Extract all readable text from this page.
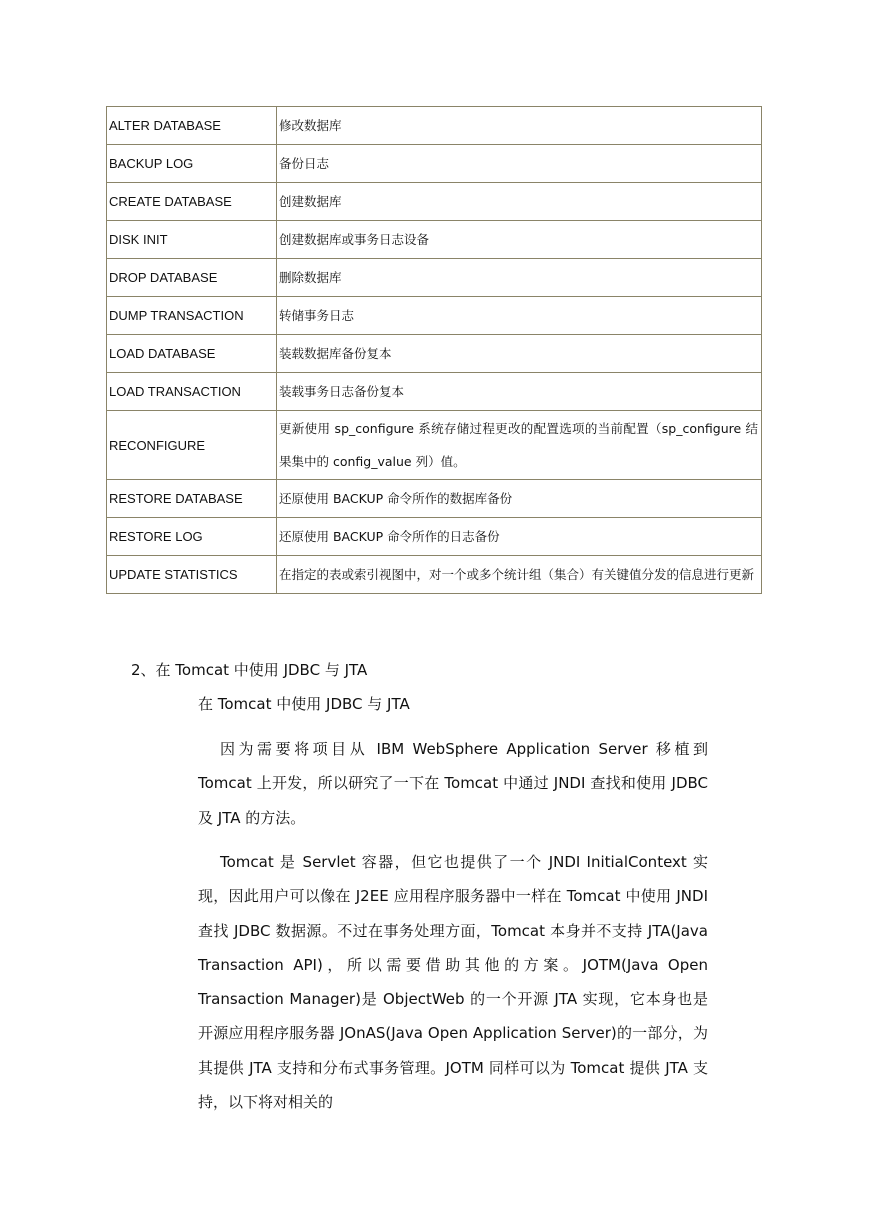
ALTER DATABASE	修改数据库
BACKUP LOG	备份日志
CREATE DATABASE	创建数据库
DISK INIT	创建数据库或事务日志设备
DROP DATABASE	删除数据库
DUMP TRANSACTION	转储事务日志
LOAD DATABASE	装载数据库备份复本
LOAD TRANSACTION	装载事务日志备份复本
RECONFIGURE	更新使用 sp_configure 系统存储过程更改的配置选项的当前配置（sp_configure 结果集中的 config_value 列）值。
RESTORE DATABASE	还原使用 BACKUP 命令所作的数据库备份
RESTORE LOG	还原使用 BACKUP 命令所作的日志备份
UPDATE STATISTICS	在指定的表或索引视图中，对一个或多个统计组（集合）有关键值分发的信息进行更新
2、在 Tomcat 中使用 JDBC 与 JTA
在 Tomcat 中使用 JDBC 与 JTA

因为需要将项目从 IBM WebSphere Application Server 移植到 Tomcat 上开发，所以研究了一下在 Tomcat 中通过 JNDI 查找和使用 JDBC 及 JTA 的方法。

Tomcat 是 Servlet 容器，但它也提供了一个 JNDI InitialContext 实现，因此用户可以像在 J2EE 应用程序服务器中一样在 Tomcat 中使用 JNDI 查找 JDBC 数据源。不过在事务处理方面，Tomcat 本身并不支持 JTA(Java Transaction API)，所以需要借助其他的方案。JOTM(Java Open Transaction Manager)是 ObjectWeb 的一个开源 JTA 实现，它本身也是开源应用程序服务器 JOnAS(Java Open Application Server)的一部分，为其提供 JTA 支持和分布式事务管理。JOTM 同样可以为 Tomcat 提供 JTA 支持，以下将对相关的
